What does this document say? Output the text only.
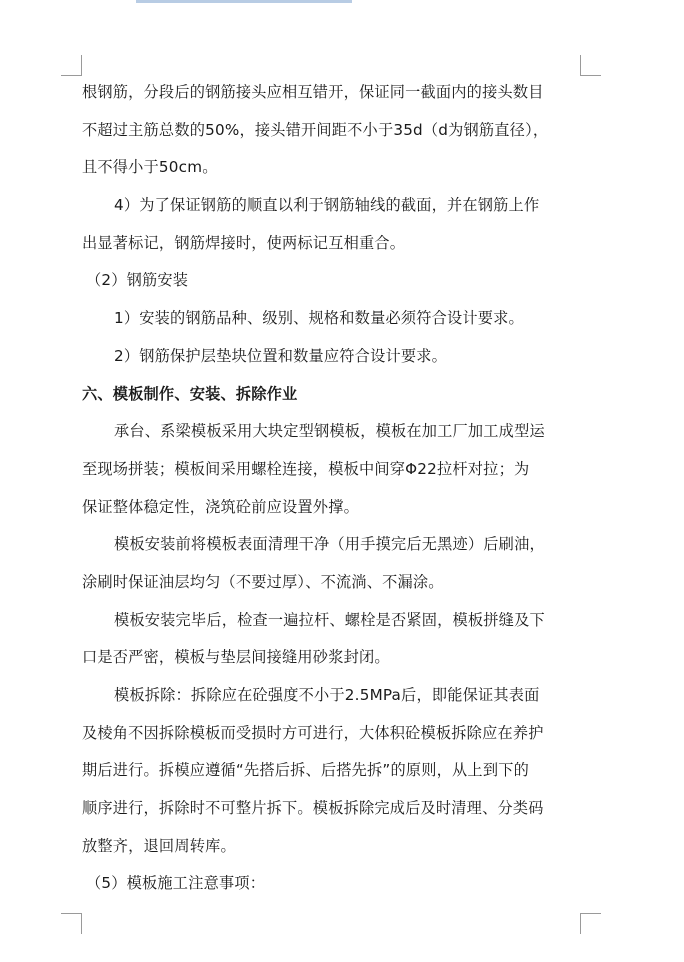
根钢筋，分段后的钢筋接头应相互错开，保证同一截面内的接头数目
不超过主筋总数的50%，接头错开间距不小于35d（d为钢筋直径），
且不得小于50cm。
4）为了保证钢筋的顺直以利于钢筋轴线的截面，并在钢筋上作
出显著标记，钢筋焊接时，使两标记互相重合。
（2）钢筋安装
1）安装的钢筋品种、级别、规格和数量必须符合设计要求。
2）钢筋保护层垫块位置和数量应符合设计要求。
六、模板制作、安装、拆除作业
承台、系梁模板采用大块定型钢模板，模板在加工厂加工成型运
至现场拼装；模板间采用螺栓连接，模板中间穿Φ22拉杆对拉；为
保证整体稳定性，浇筑砼前应设置外撑。
模板安装前将模板表面清理干净（用手摸完后无黑迹）后刷油，
涂刷时保证油层均匀（不要过厚）、不流淌、不漏涂。
模板安装完毕后，检查一遍拉杆、螺栓是否紧固，模板拼缝及下
口是否严密，模板与垫层间接缝用砂浆封闭。
模板拆除：拆除应在砼强度不小于2.5MPa后，即能保证其表面
及棱角不因拆除模板而受损时方可进行，大体积砼模板拆除应在养护
期后进行。拆模应遵循“先搭后拆、后搭先拆”的原则，从上到下的
顺序进行，拆除时不可整片拆下。模板拆除完成后及时清理、分类码
放整齐，退回周转库。
（5）模板施工注意事项：
